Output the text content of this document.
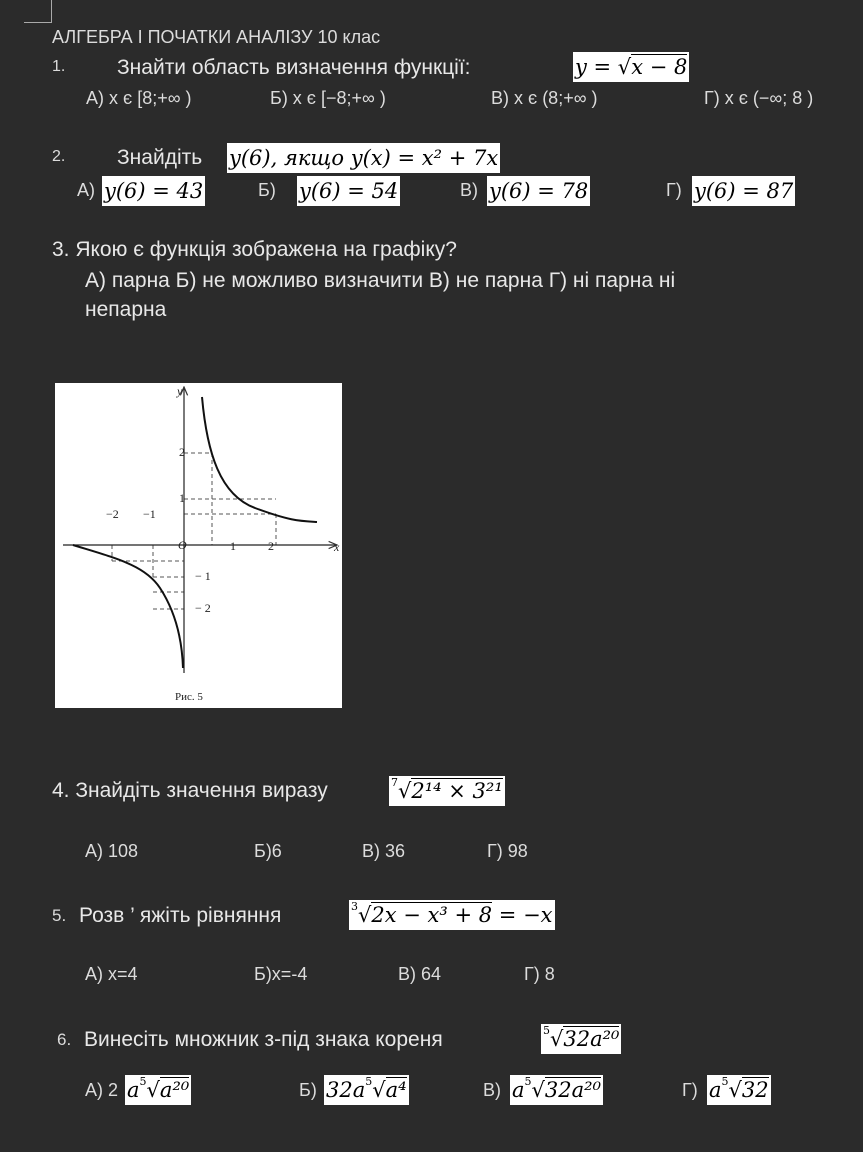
АЛГЕБРА І ПОЧАТКИ АНАЛІЗУ 10 клас
1. Знайти область визначення функції:	y = √x − 8
А) x є [8;+∞ )	Б) x є [−8;+∞ )	В) x є (8;+∞ )	Г) x є (−∞; 8 )
2. Знайдіть y(6), якщо y(x) = x² + 7x
А) y(6) = 43	Б) y(6) = 54	В) y(6) = 78	Г) y(6) = 87
3. Якою є функція зображена на графіку?
А) парна Б) не можливо визначити В) не парна Г) ні парна ні
непарна
y
x
O
−2 −1
1	2
2
1
− 1
− 2
Рис. 5
4. Знайдіть значення виразу	$^7$√2¹⁴ × 3²¹
А) 108	Б)6	В) 36	Г) 98
5. Розв ’ яжіть рівняння	$^3$√2x − x³ + 8 = −x
А) x=4	Б)x=-4	В) 64	Г) 8
6. Винесіть множник з-під знака кореня	$^5$√32a²⁰
А) 2 $a^5√a^{20}$	Б) $32a^5√a^4$	В) $a^5√32a^{20}$	Г) $a^5√32$
